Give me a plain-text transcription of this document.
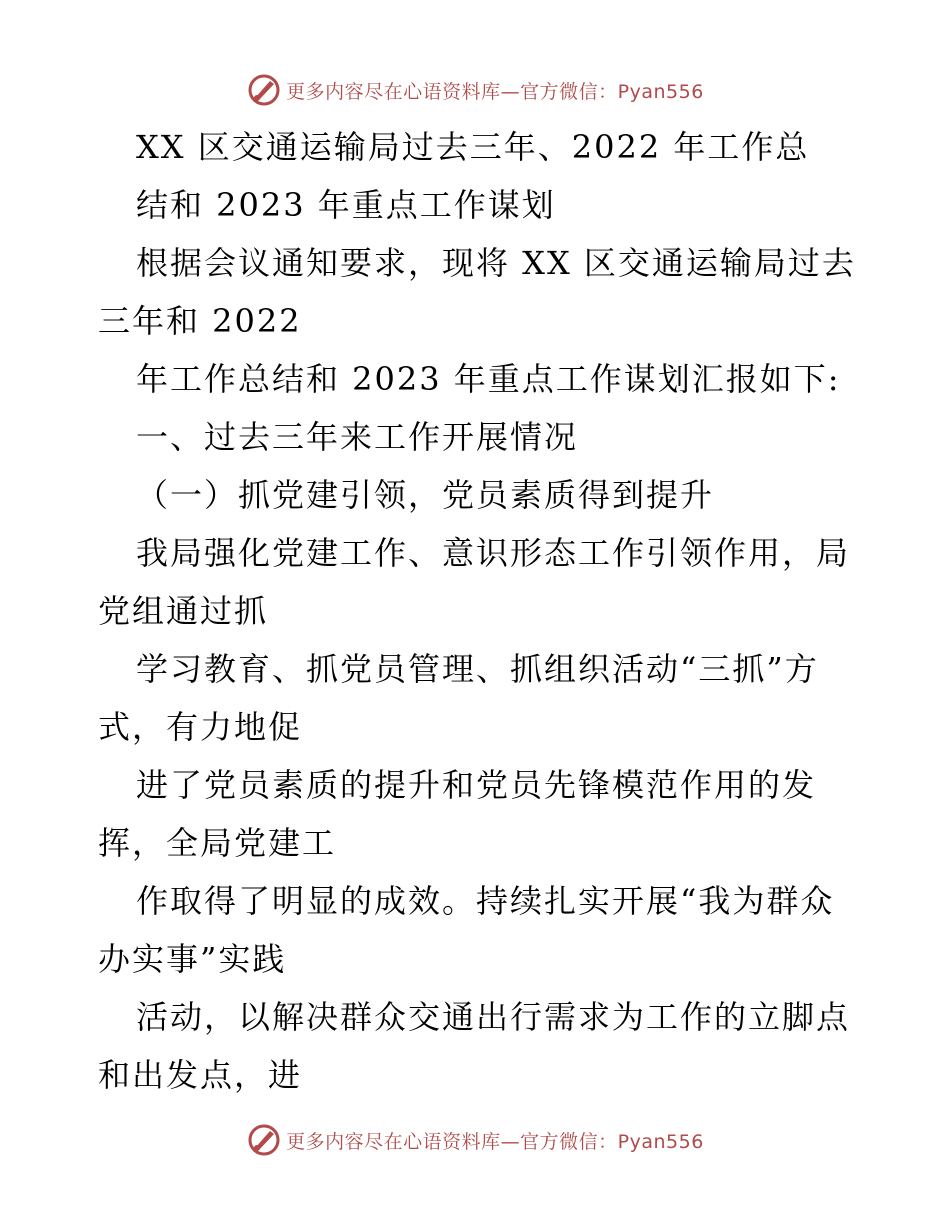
更多内容尽在心语资料库—官方微信：Pyan556
XX 区交通运输局过去三年、2022 年工作总
结和 2023 年重点工作谋划
根据会议通知要求，现将 XX 区交通运输局过去
三年和 2022
年工作总结和 2023 年重点工作谋划汇报如下:
一、过去三年来工作开展情况
（一）抓党建引领，党员素质得到提升
我局强化党建工作、意识形态工作引领作用，局
党组通过抓
学习教育、抓党员管理、抓组织活动“三抓”方
式，有力地促
进了党员素质的提升和党员先锋模范作用的发
挥，全局党建工
作取得了明显的成效。持续扎实开展“我为群众
办实事”实践
活动，以解决群众交通出行需求为工作的立脚点
和出发点，进
更多内容尽在心语资料库—官方微信：Pyan556
